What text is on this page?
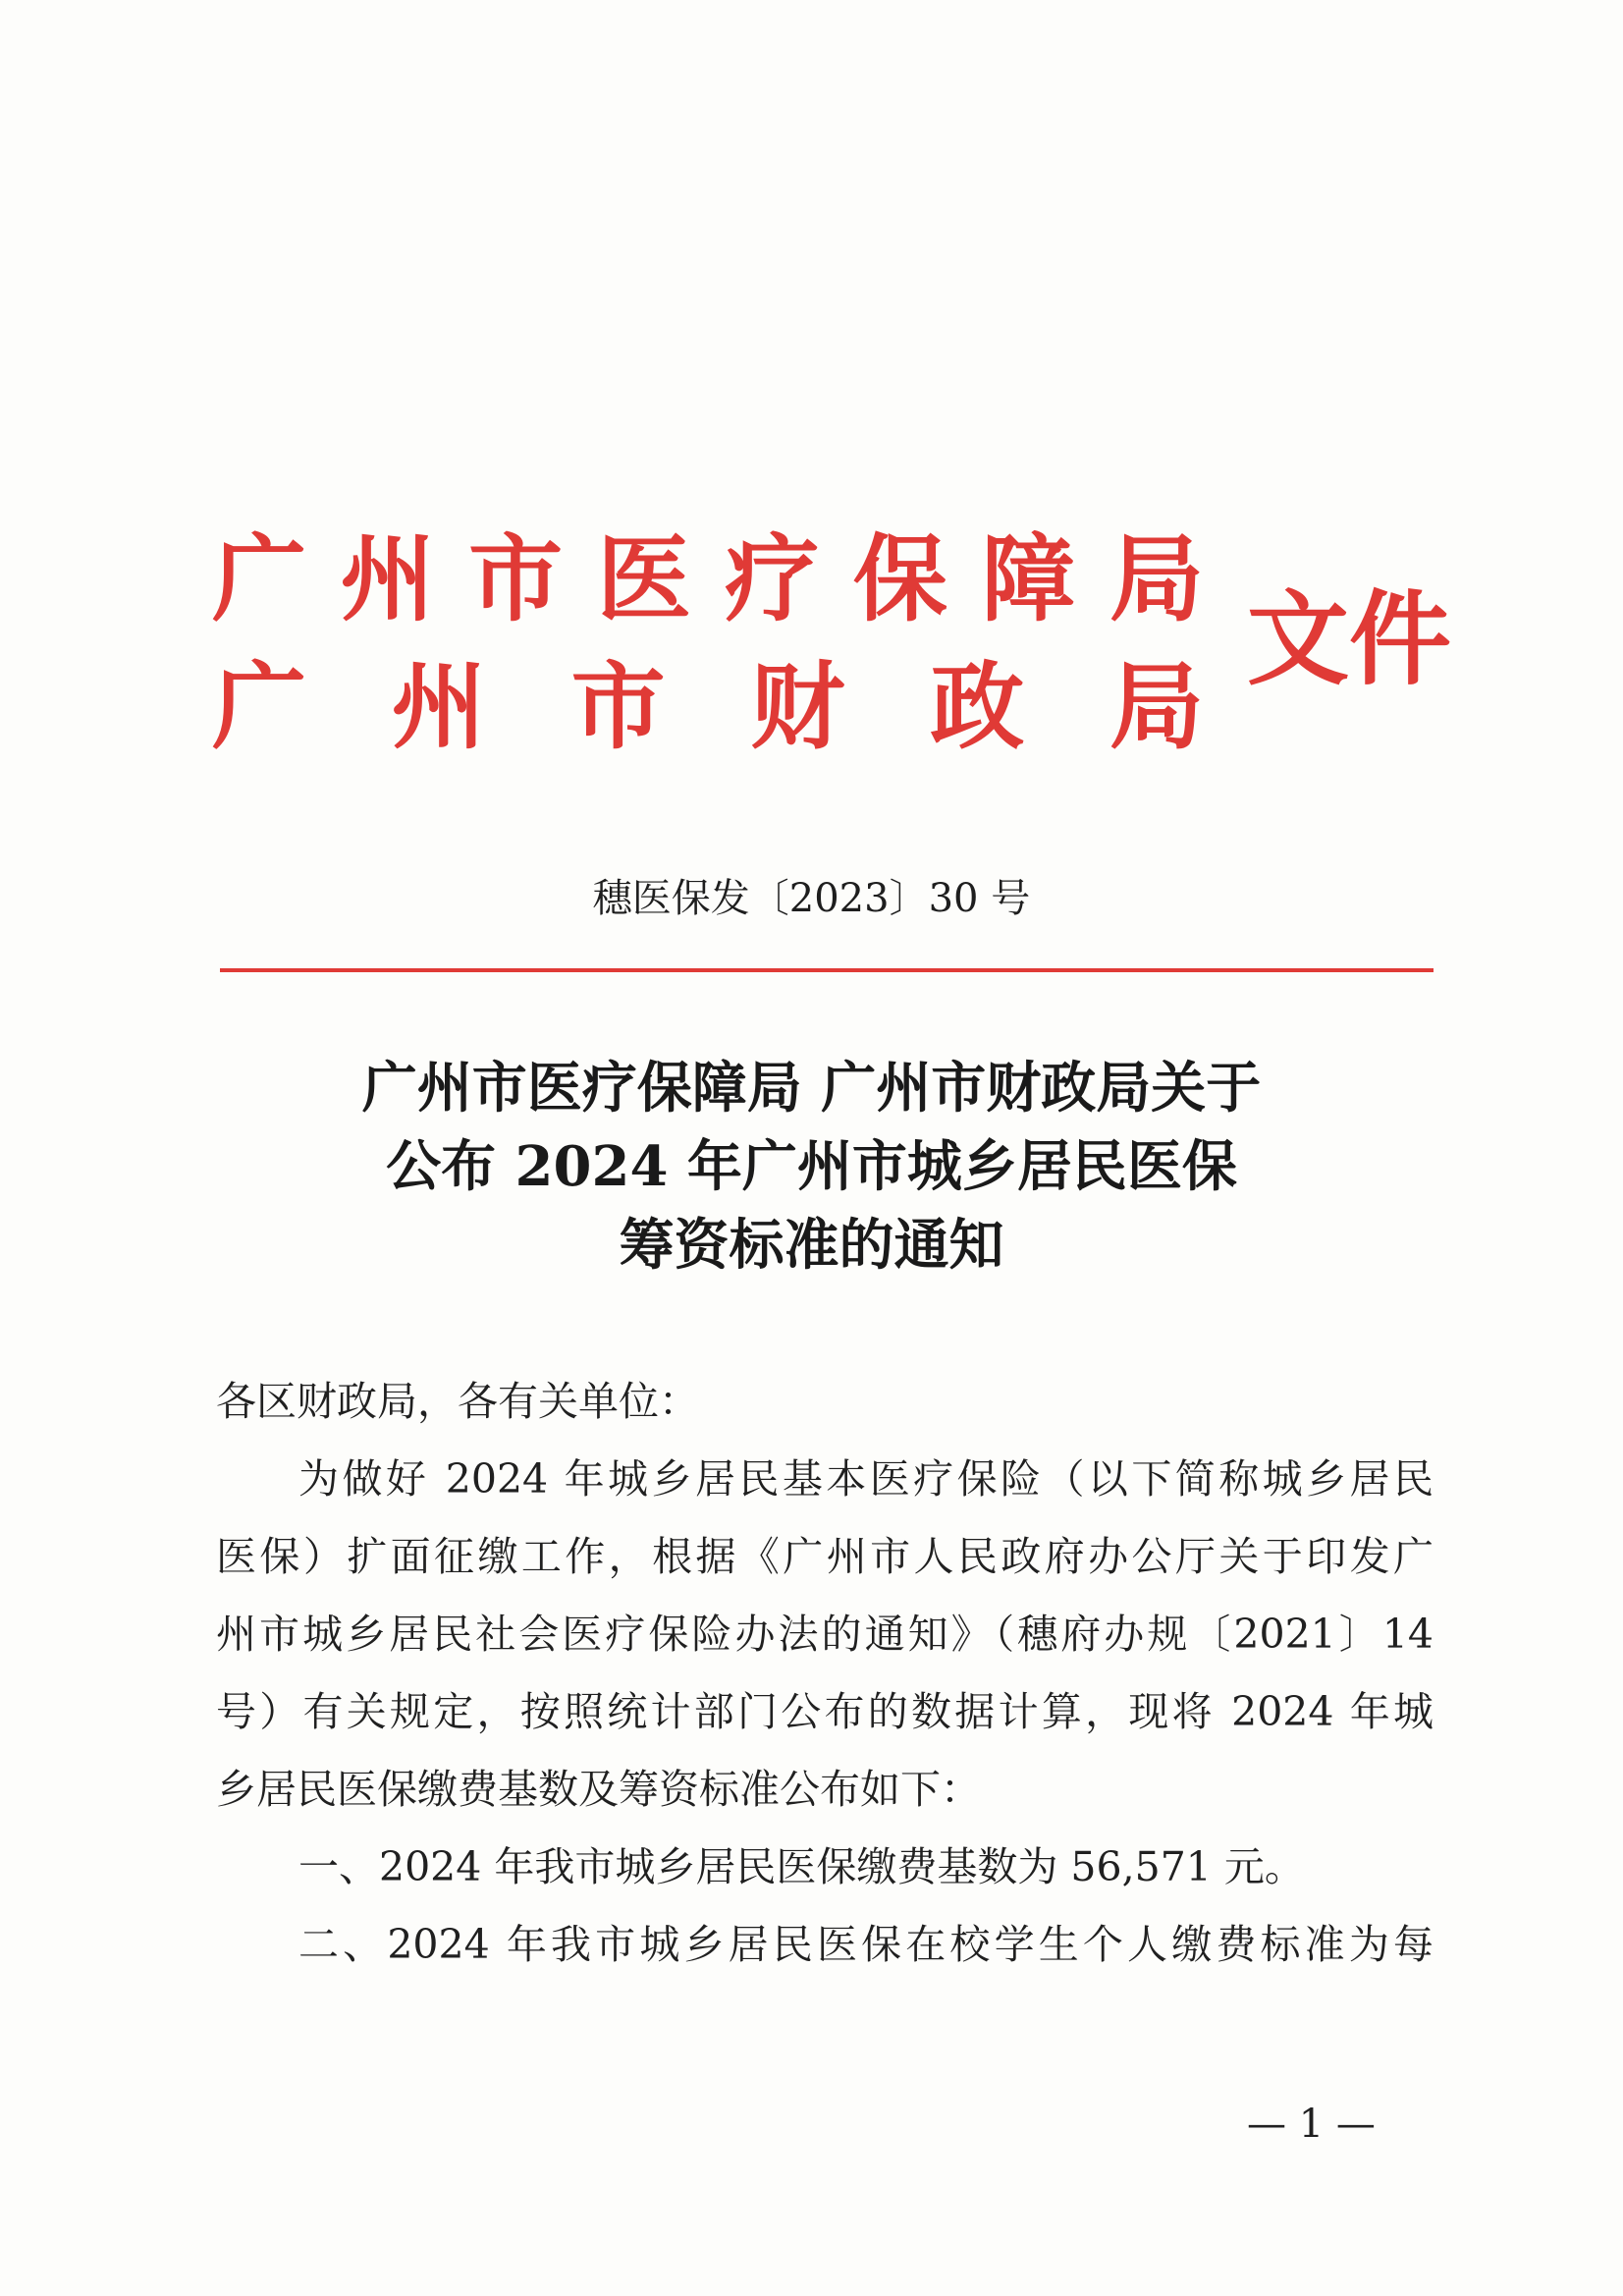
广 州 市 医 疗 保 障 局
广 州 市 财 政 局
文件
穗医保发〔2023〕30 号
广州市医疗保障局 广州市财政局关于
公布 2024 年广州市城乡居民医保
筹资标准的通知
各区财政局，各有关单位：
为做好 2024 年城乡居民基本医疗保险（以下简称城乡居民
医保）扩面征缴工作，根据《广州市人民政府办公厅关于印发广
州市城乡居民社会医疗保险办法的通知》（穗府办规〔2021〕14
号）有关规定，按照统计部门公布的数据计算，现将 2024 年城
乡居民医保缴费基数及筹资标准公布如下：
一、2024 年我市城乡居民医保缴费基数为 56,571 元。
二、2024 年我市城乡居民医保在校学生个人缴费标准为每
— 1 —
